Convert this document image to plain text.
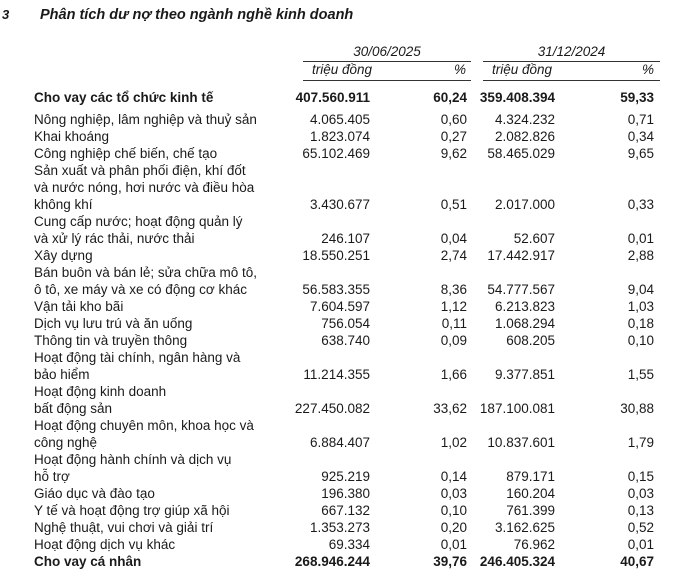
3 Phân tích dư nợ theo ngành nghề kinh doanh
30/06/2025	31/12/2024
triệu đồng	% triệu đồng	%
Cho vay các tổ chức kinh tế	407.560.911	60,24 359.408.394	59,33
Nông nghiệp, lâm nghiệp và thuỷ sản	4.065.405	0,60 4.324.232	0,71
Khai khoáng	1.823.074	0,27 2.082.826	0,34
Công nghiệp chế biến, chế tạo	65.102.469	9,62 58.465.029	9,65
Sản xuất và phân phối điện, khí đốt
và nước nóng, hơi nước và điều hòa
không khí	3.430.677	0,51 2.017.000	0,33
Cung cấp nước; hoạt động quản lý
và xử lý rác thải, nước thải	246.107	0,04	52.607	0,01
Xây dựng	18.550.251	2,74 17.442.917	2,88
Bán buôn và bán lẻ; sửa chữa mô tô,
ô tô, xe máy và xe có động cơ khác	56.583.355	8,36 54.777.567	9,04
Vận tải kho bãi	7.604.597	1,12 6.213.823	1,03
Dịch vụ lưu trú và ăn uống	756.054	0,11 1.068.294	0,18
Thông tin và truyền thông	638.740	0,09	608.205	0,10
Hoạt động tài chính, ngân hàng và
bảo hiểm	11.214.355	1,66 9.377.851	1,55
Hoạt động kinh doanh
bất động sản	227.450.082	33,62 187.100.081	30,88
Hoạt động chuyên môn, khoa học và
công nghệ	6.884.407	1,02 10.837.601	1,79
Hoạt động hành chính và dịch vụ
hỗ trợ	925.219	0,14	879.171	0,15
Giáo dục và đào tạo	196.380	0,03	160.204	0,03
Y tế và hoạt động trợ giúp xã hội	667.132	0,10	761.399	0,13
Nghệ thuật, vui chơi và giải trí	1.353.273	0,20 3.162.625	0,52
Hoạt động dịch vụ khác	69.334	0,01	76.962	0,01
Cho vay cá nhân	268.946.244	39,76 246.405.324	40,67
